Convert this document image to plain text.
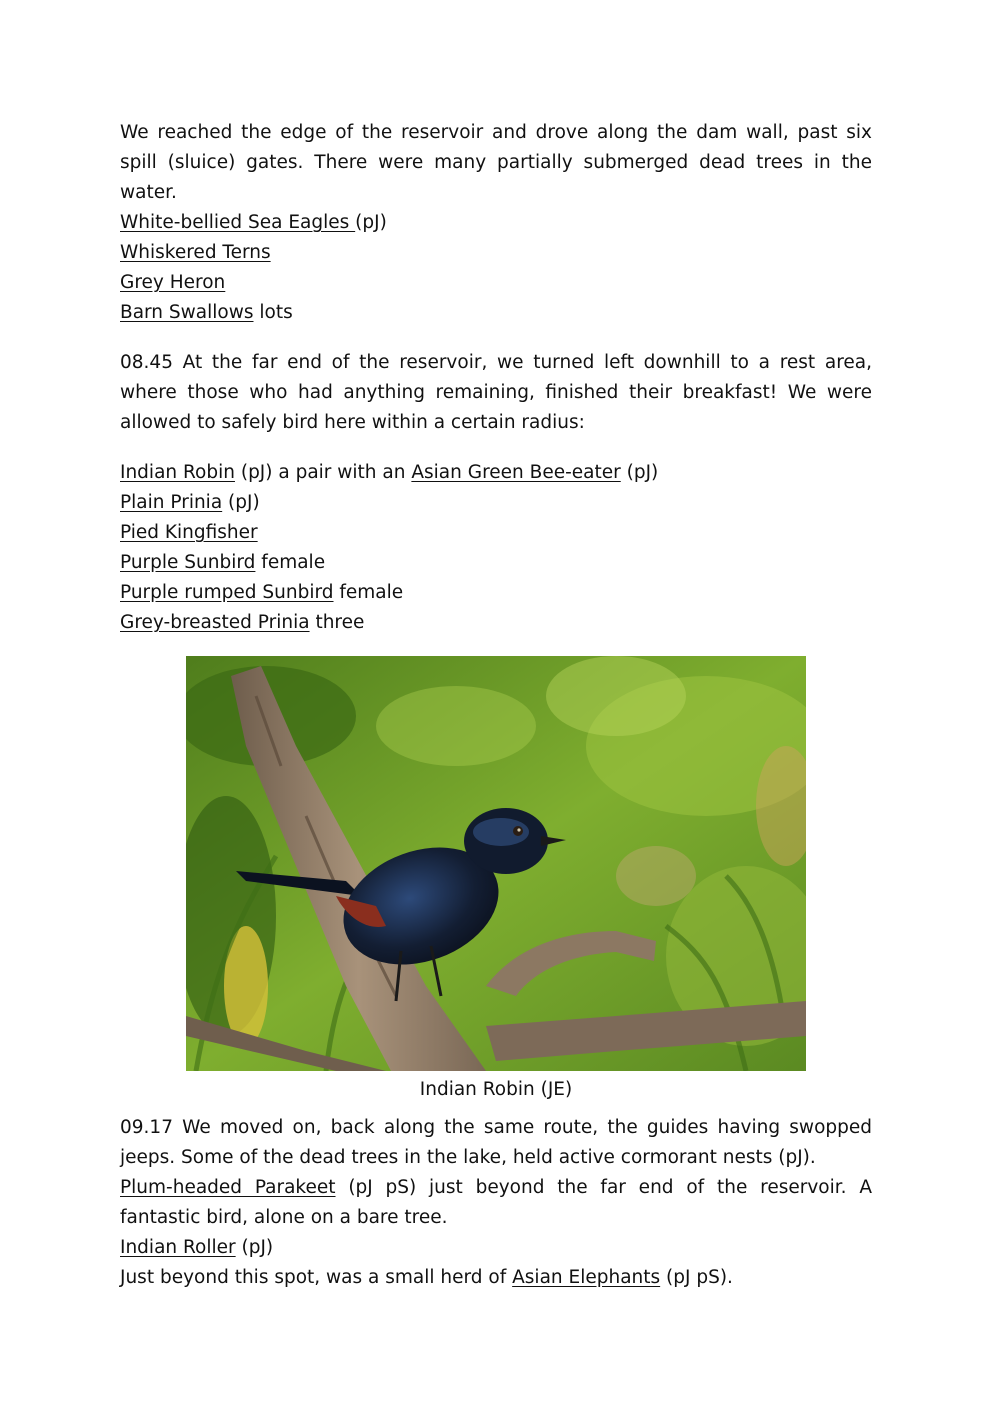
We reached the edge of the reservoir and drove along the dam wall, past six spill (sluice) gates. There were many partially submerged dead trees in the water.

White-bellied Sea Eagles (pJ)

Whiskered Terns

Grey Heron

Barn Swallows lots

08.45 At the far end of the reservoir, we turned left downhill to a rest area, where those who had anything remaining, finished their breakfast! We were allowed to safely bird here within a certain radius:

Indian Robin (pJ) a pair with an Asian Green Bee-eater (pJ)

Plain Prinia (pJ)

Pied Kingfisher

Purple Sunbird female

Purple rumped Sunbird female

Grey-breasted Prinia three

Indian Robin (JE)

09.17 We moved on, back along the same route, the guides having swopped jeeps. Some of the dead trees in the lake, held active cormorant nests (pJ).

Plum-headed Parakeet (pJ pS) just beyond the far end of the reservoir. A fantastic bird, alone on a bare tree.

Indian Roller (pJ)

Just beyond this spot, was a small herd of Asian Elephants (pJ pS).
